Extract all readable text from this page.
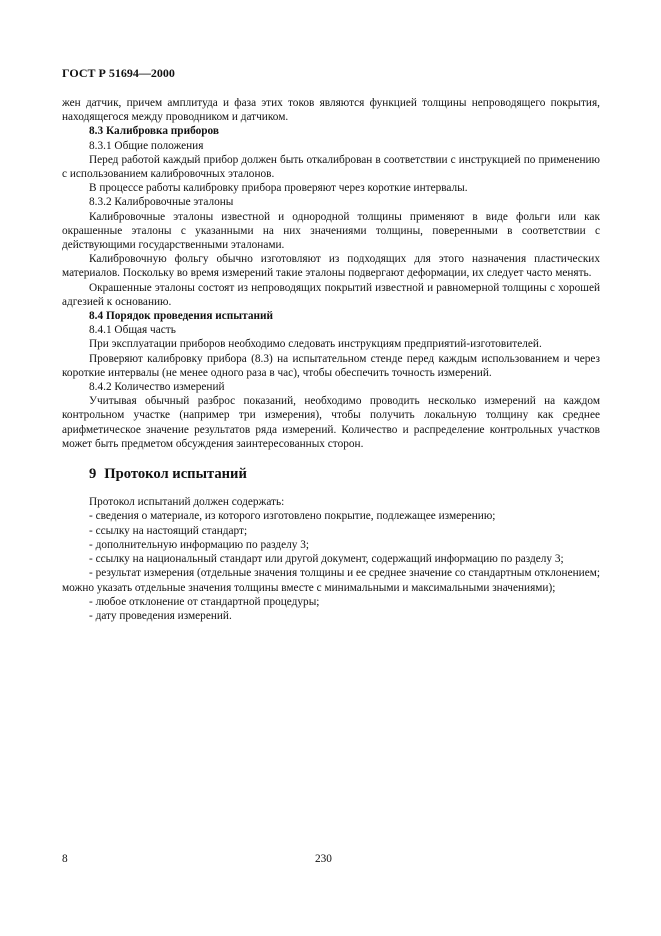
ГОСТ Р 51694—2000

жен датчик, причем амплитуда и фаза этих токов являются функцией толщины непроводящего покрытия, находящегося между проводником и датчиком.

8.3 Калибровка приборов

8.3.1 Общие положения

Перед работой каждый прибор должен быть откалиброван в соответствии с инструкцией по применению с использованием калибровочных эталонов.

В процессе работы калибровку прибора проверяют через короткие интервалы.

8.3.2 Калибровочные эталоны

Калибровочные эталоны известной и однородной толщины применяют в виде фольги или как окрашенные эталоны с указанными на них значениями толщины, поверенными в соответствии с действующими государственными эталонами.

Калибровочную фольгу обычно изготовляют из подходящих для этого назначения пластических материалов. Поскольку во время измерений такие эталоны подвергают деформации, их следует часто менять.

Окрашенные эталоны состоят из непроводящих покрытий известной и равномерной толщины с хорошей адгезией к основанию.

8.4 Порядок проведения испытаний

8.4.1 Общая часть

При эксплуатации приборов необходимо следовать инструкциям предприятий-изготовителей.

Проверяют калибровку прибора (8.3) на испытательном стенде перед каждым использованием и через короткие интервалы (не менее одного раза в час), чтобы обеспечить точность измерений.

8.4.2 Количество измерений

Учитывая обычный разброс показаний, необходимо проводить несколько измерений на каждом контрольном участке (например три измерения), чтобы получить локальную толщину как среднее арифметическое значение результатов ряда измерений. Количество и распределение контрольных участков может быть предметом обсуждения заинтересованных сторон.

9 Протокол испытаний

Протокол испытаний должен содержать:

- сведения о материале, из которого изготовлено покрытие, подлежащее измерению;

- ссылку на настоящий стандарт;

- дополнительную информацию по разделу 3;

- ссылку на национальный стандарт или другой документ, содержащий информацию по разделу 3;

- результат измерения (отдельные значения толщины и ее среднее значение со стандартным отклонением; можно указать отдельные значения толщины вместе с минимальными и максимальными значениями);

- любое отклонение от стандартной процедуры;

- дату проведения измерений.

8	230
